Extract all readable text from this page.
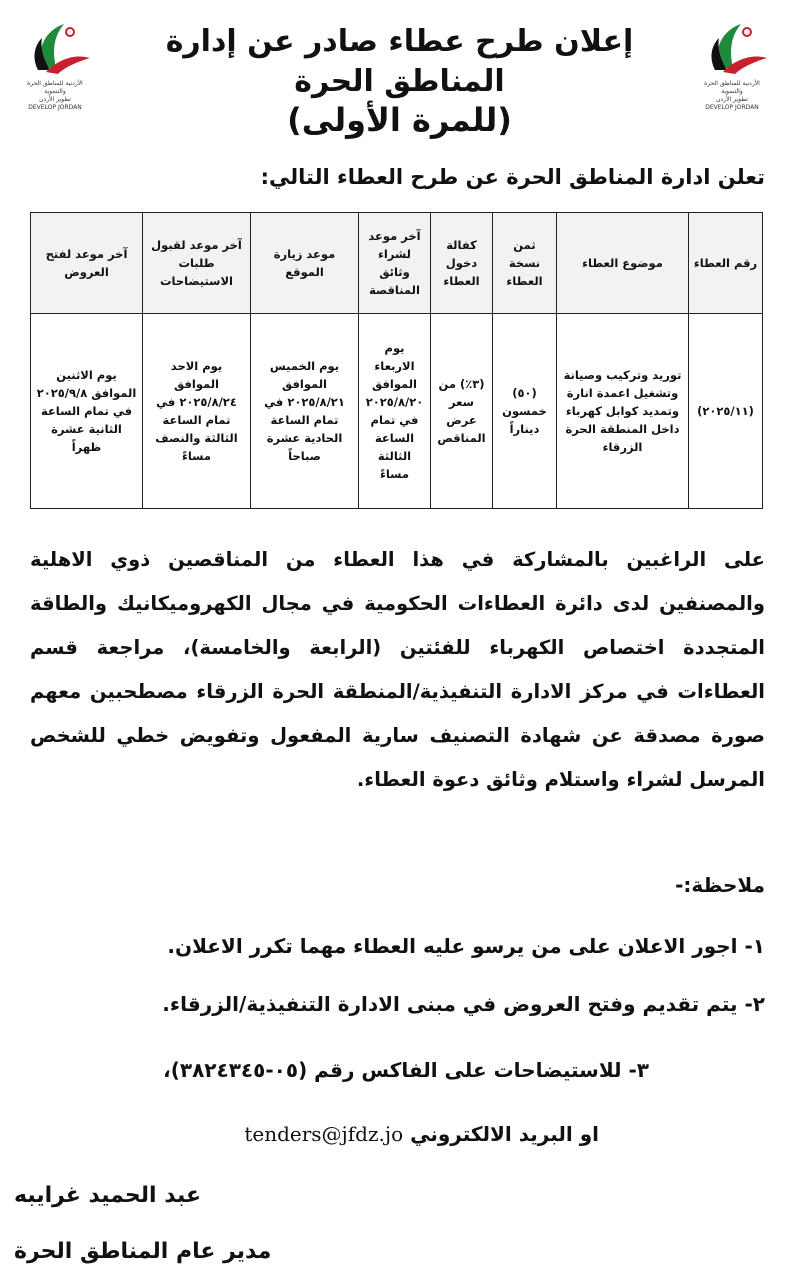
الأردنية للمناطق الحرة والتنموية
تطوير الأردن
DEVELOP JORDAN
الأردنية للمناطق الحرة والتنموية
تطوير الأردن
DEVELOP JORDAN
إعلان طرح عطاء صادر عن إدارة المناطق الحرة
(للمرة الأولى)
تعلن ادارة المناطق الحرة عن طرح العطاء التالي:
رقم العطاء	موضوع العطاء	ثمن نسخة العطاء	كفالة دخول العطاء	آخر موعد لشراء وثائق المناقصة	موعد زيارة الموقع	آخر موعد لقبول طلبات الاستيضاحات	آخر موعد لفتح العروض
(٢٠٢٥/١١)	توريد وتركيب وصيانة وتشغيل اعمدة انارة وتمديد كوابل كهرباء داخل المنطقة الحرة الزرقاء	(٥٠) خمسون ديناراً	(٣٪) من سعر عرض المناقص	يوم الاربعاء الموافق ٢٠٢٥/٨/٢٠ في تمام الساعة الثالثة مساءً	يوم الخميس الموافق ٢٠٢٥/٨/٢١ في تمام الساعة الحادية عشرة صباحاً	يوم الاحد الموافق ٢٠٢٥/٨/٢٤ في تمام الساعة الثالثة والنصف مساءً	يوم الاثنين الموافق ٢٠٢٥/٩/٨ في تمام الساعة الثانية عشرة ظهراً
على الراغبين بالمشاركة في هذا العطاء من المناقصين ذوي الاهلية والمصنفين لدى دائرة العطاءات الحكومية في مجال الكهروميكانيك والطاقة المتجددة اختصاص الكهرباء للفئتين (الرابعة والخامسة)، مراجعة قسم العطاءات في مركز الادارة التنفيذية/المنطقة الحرة الزرقاء مصطحبين معهم صورة مصدقة عن شهادة التصنيف سارية المفعول وتفويض خطي للشخص المرسل لشراء واستلام وثائق دعوة العطاء.
ملاحظة:-
١- اجور الاعلان على من يرسو عليه العطاء مهما تكرر الاعلان.
٢- يتم تقديم وفتح العروض في مبنى الادارة التنفيذية/الزرقاء.
٣- للاستيضاحات على الفاكس رقم (٠٥-٣٨٢٤٣٤٥)،
او البريد الالكتروني tenders@jfdz.jo
عبد الحميد غرايبه
مدير عام المناطق الحرة
